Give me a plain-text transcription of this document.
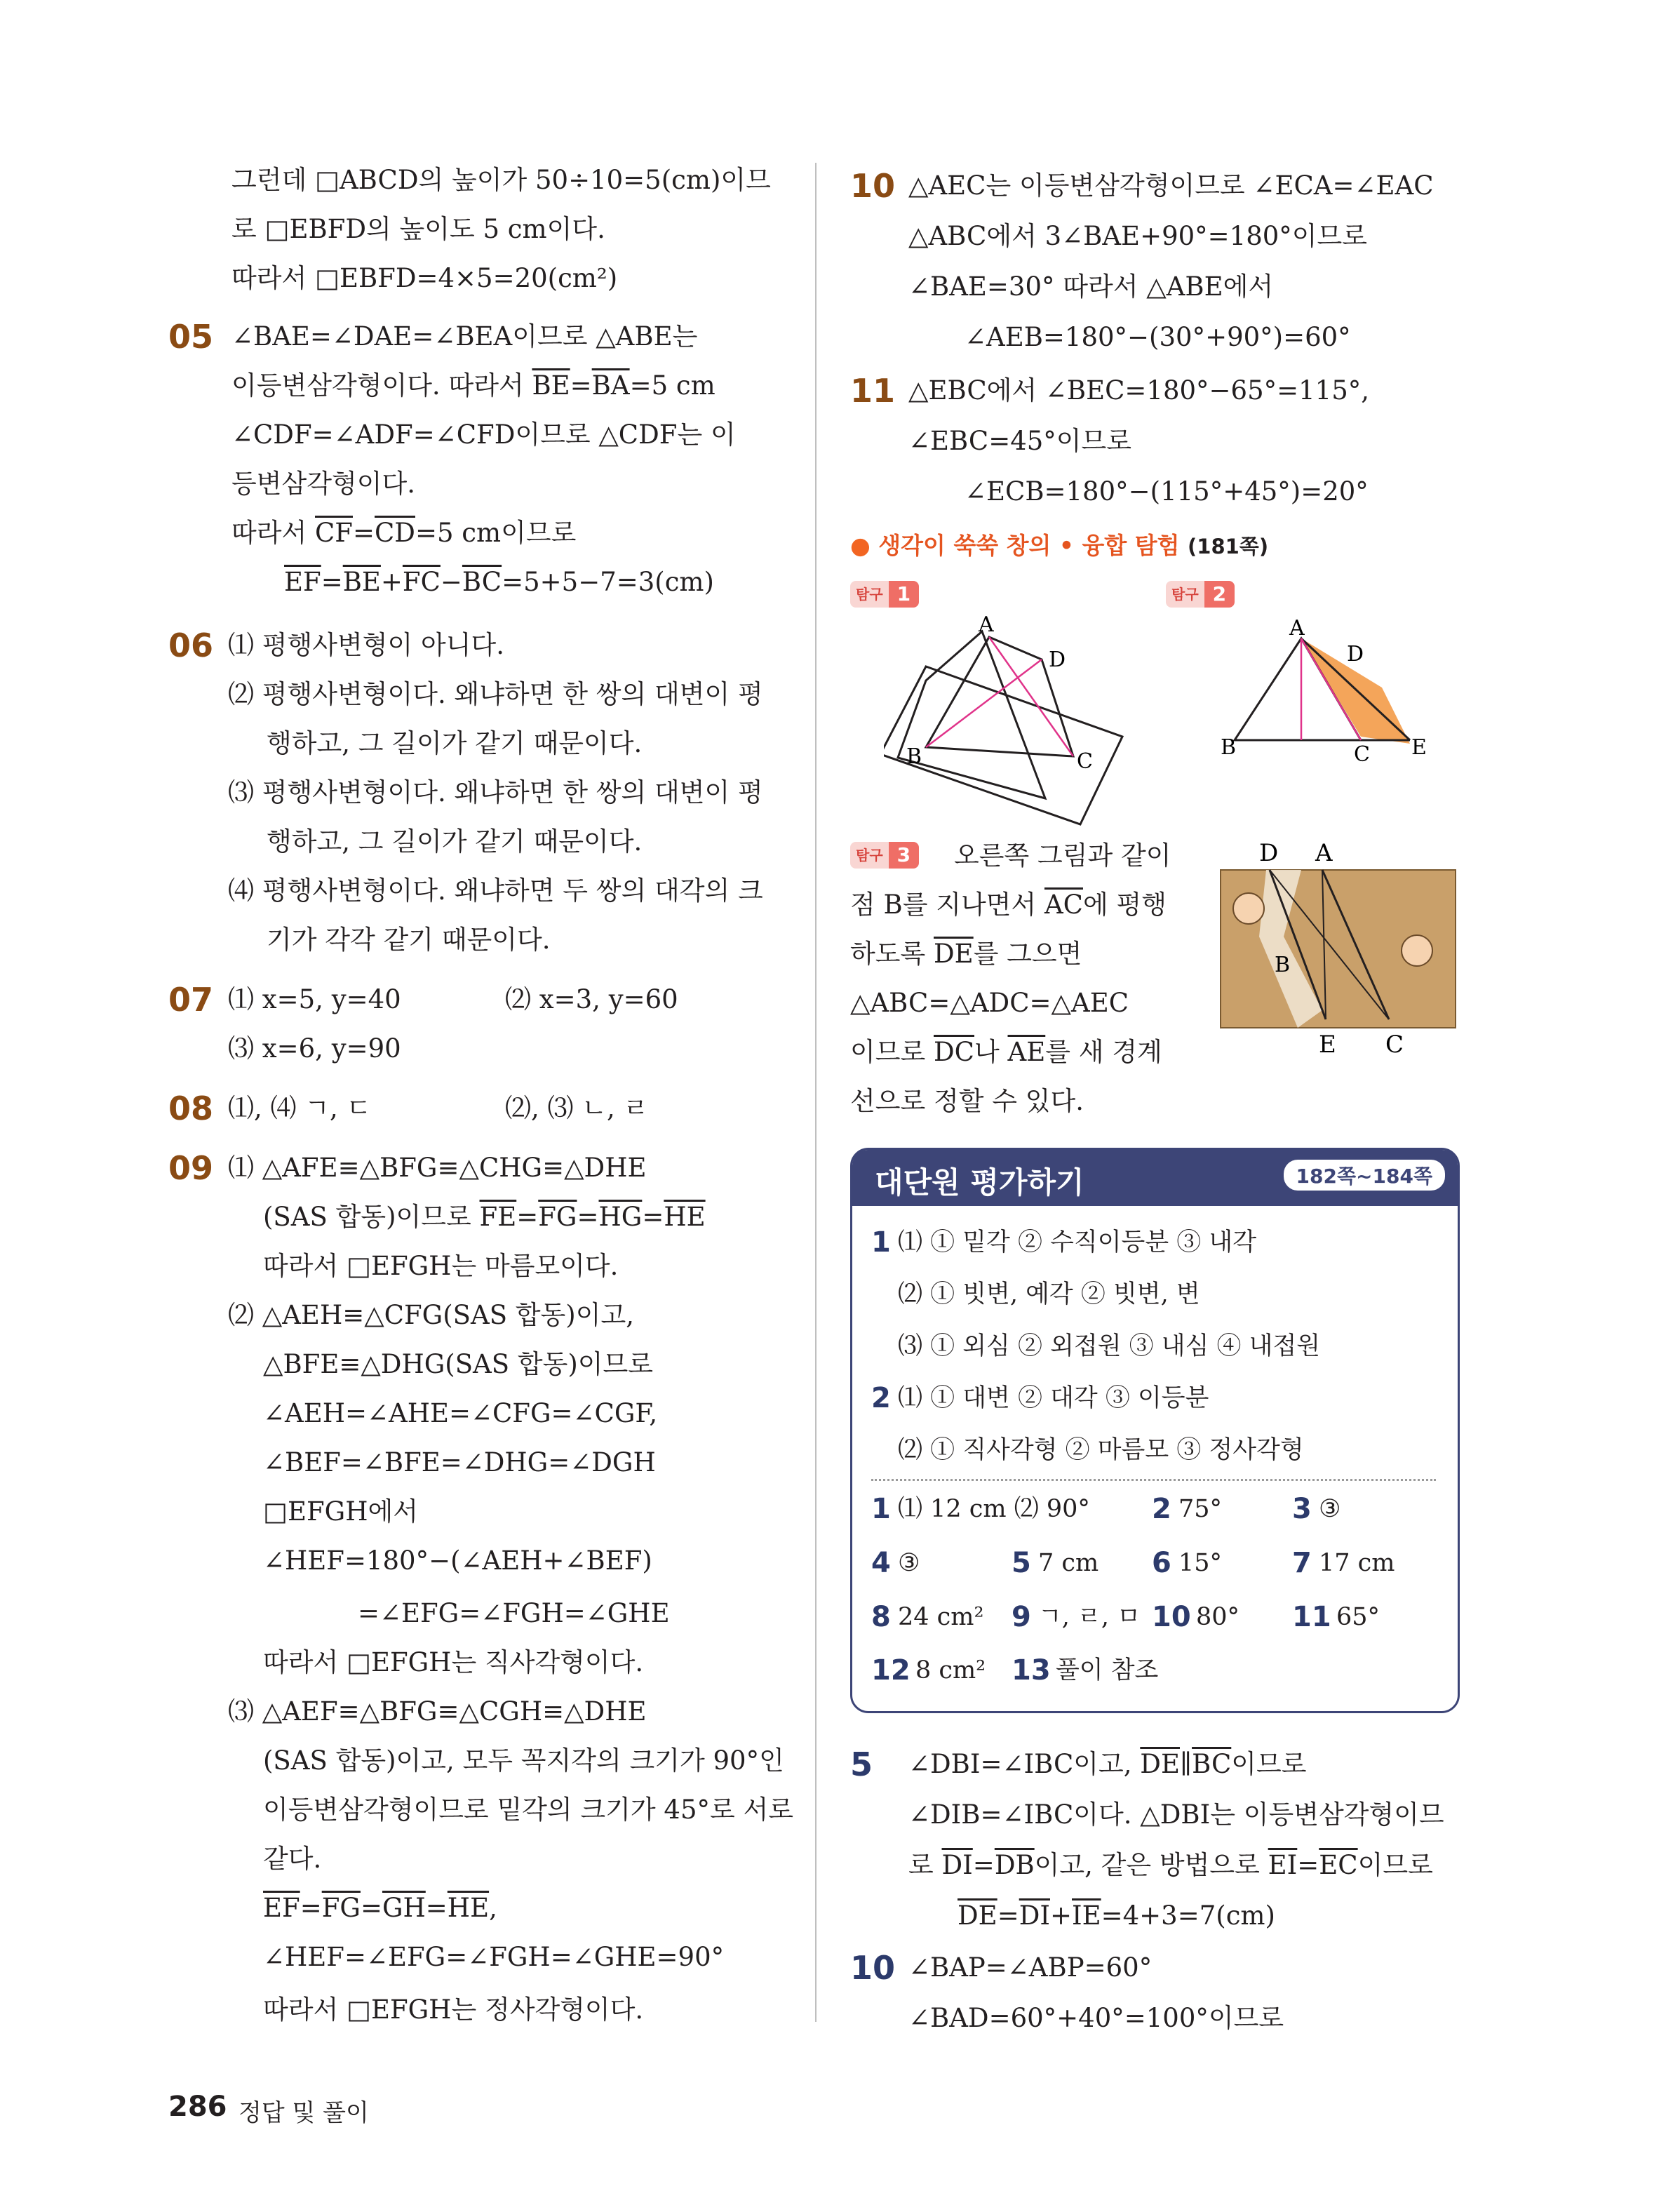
그런데 □ABCD의 높이가 50÷10=5(cm)이므
로 □EBFD의 높이도 5 cm이다.
따라서 □EBFD=4×5=20(cm²)
05 ∠BAE=∠DAE=∠BEA이므로 △ABE는
이등변삼각형이다. 따라서 $\overline{BE}=\overline{BA}=5$ cm
∠CDF=∠ADF=∠CFD이므로 △CDF는 이
등변삼각형이다.
따라서 $\overline{CF}=\overline{CD}=5$ cm이므로
$\overline{EF}=\overline{BE}+\overline{FC}-\overline{BC}=5+5-7=3(cm)$
06 ⑴ 평행사변형이 아니다.
⑵ 평행사변형이다. 왜냐하면 한 쌍의 대변이 평
행하고, 그 길이가 같기 때문이다.
⑶ 평행사변형이다. 왜냐하면 한 쌍의 대변이 평
행하고, 그 길이가 같기 때문이다.
⑷ 평행사변형이다. 왜냐하면 두 쌍의 대각의 크
기가 각각 같기 때문이다.
07 ⑴ x=5, y=40	⑵ x=3, y=60
⑶ x=6, y=90
08 ⑴, ⑷ ㄱ, ㄷ	⑵, ⑶ ㄴ, ㄹ
09 ⑴ △AFE≡△BFG≡△CHG≡△DHE
(SAS 합동)이므로 $\overline{FE}=\overline{FG}=\overline{HG}=\overline{HE}$
따라서 □EFGH는 마름모이다.
⑵ △AEH≡△CFG(SAS 합동)이고,
△BFE≡△DHG(SAS 합동)이므로
∠AEH=∠AHE=∠CFG=∠CGF,
∠BEF=∠BFE=∠DHG=∠DGH
□EFGH에서
∠HEF=180°−(∠AEH+∠BEF)
=∠EFG=∠FGH=∠GHE
따라서 □EFGH는 직사각형이다.
⑶ △AEF≡△BFG≡△CGH≡△DHE
(SAS 합동)이고, 모두 꼭지각의 크기가 90°인
이등변삼각형이므로 밑각의 크기가 45°로 서로
같다.
$\overline{EF}=\overline{FG}=\overline{GH}=\overline{HE}$,
∠HEF=∠EFG=∠FGH=∠GHE=90°
따라서 □EFGH는 정사각형이다.
10 △AEC는 이등변삼각형이므로 ∠ECA=∠EAC
△ABC에서 3∠BAE+90°=180°이므로
∠BAE=30° 따라서 △ABE에서
∠AEB=180°−(30°+90°)=60°
11 △EBC에서 ∠BEC=180°−65°=115°,
∠EBC=45°이므로
∠ECB=180°−(115°+45°)=20°
● 생각이 쑥쑥 창의 • 융합 탐험 (181쪽)
탐구 1	탐구 2
A
D
B	C
A
D
B	C E
탐구 3	오른쪽 그림과 같이
점 B를 지나면서 $\overline{AC}$에 평행
하도록 $\overline{DE}$를 그으면
△ABC=△ADC=△AEC
이므로 $\overline{DC}$나 $\overline{AE}$를 새 경계
선으로 정할 수 있다.
D A
B
E C
대단원 평가하기	182쪽~184쪽
1 ⑴ ① 밑각 ② 수직이등분 ③ 내각
⑵ ① 빗변, 예각 ② 빗변, 변
⑶ ① 외심 ② 외접원 ③ 내심 ④ 내접원
2 ⑴ ① 대변 ② 대각 ③ 이등분
⑵ ① 직사각형 ② 마름모 ③ 정사각형
1 ⑴ 12 cm ⑵ 90° 2 75° 3 ③
4 ③	5 7 cm 6 15° 7 17 cm
8 24 cm² 9 ㄱ, ㄹ, ㅁ 10 80° 11 65°
12 8 cm² 13 풀이 참조
5 ∠DBI=∠IBC이고, $\overline{DE}\parallel\overline{BC}$이므로
∠DIB=∠IBC이다. △DBI는 이등변삼각형이므
로 $\overline{DI}=\overline{DB}$이고, 같은 방법으로 $\overline{EI}=\overline{EC}$이므로
$\overline{DE}=\overline{DI}+\overline{IE}=4+3=7(cm)$
10 ∠BAP=∠ABP=60°
∠BAD=60°+40°=100°이므로
286 정답 및 풀이
